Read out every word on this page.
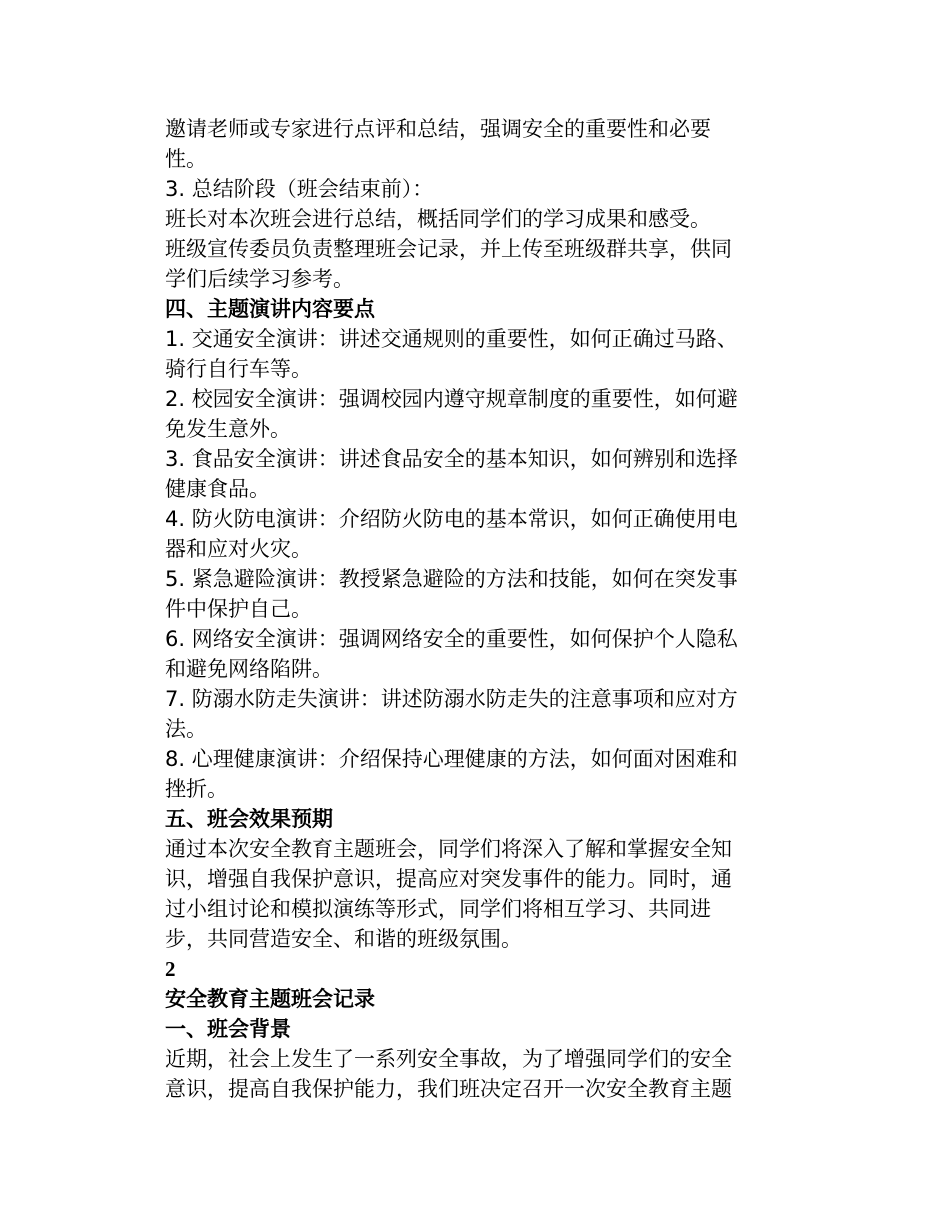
邀请老师或专家进行点评和总结，强调安全的重要性和必要
性。
3. 总结阶段（班会结束前）：
班长对本次班会进行总结，概括同学们的学习成果和感受。
班级宣传委员负责整理班会记录，并上传至班级群共享，供同
学们后续学习参考。
四、主题演讲内容要点
1. 交通安全演讲：讲述交通规则的重要性，如何正确过马路、
骑行自行车等。
2. 校园安全演讲：强调校园内遵守规章制度的重要性，如何避
免发生意外。
3. 食品安全演讲：讲述食品安全的基本知识，如何辨别和选择
健康食品。
4. 防火防电演讲：介绍防火防电的基本常识，如何正确使用电
器和应对火灾。
5. 紧急避险演讲：教授紧急避险的方法和技能，如何在突发事
件中保护自己。
6. 网络安全演讲：强调网络安全的重要性，如何保护个人隐私
和避免网络陷阱。
7. 防溺水防走失演讲：讲述防溺水防走失的注意事项和应对方
法。
8. 心理健康演讲：介绍保持心理健康的方法，如何面对困难和
挫折。
五、班会效果预期
通过本次安全教育主题班会，同学们将深入了解和掌握安全知
识，增强自我保护意识，提高应对突发事件的能力。同时，通
过小组讨论和模拟演练等形式，同学们将相互学习、共同进
步，共同营造安全、和谐的班级氛围。
2
安全教育主题班会记录
一、班会背景
近期，社会上发生了一系列安全事故，为了增强同学们的安全
意识，提高自我保护能力，我们班决定召开一次安全教育主题
